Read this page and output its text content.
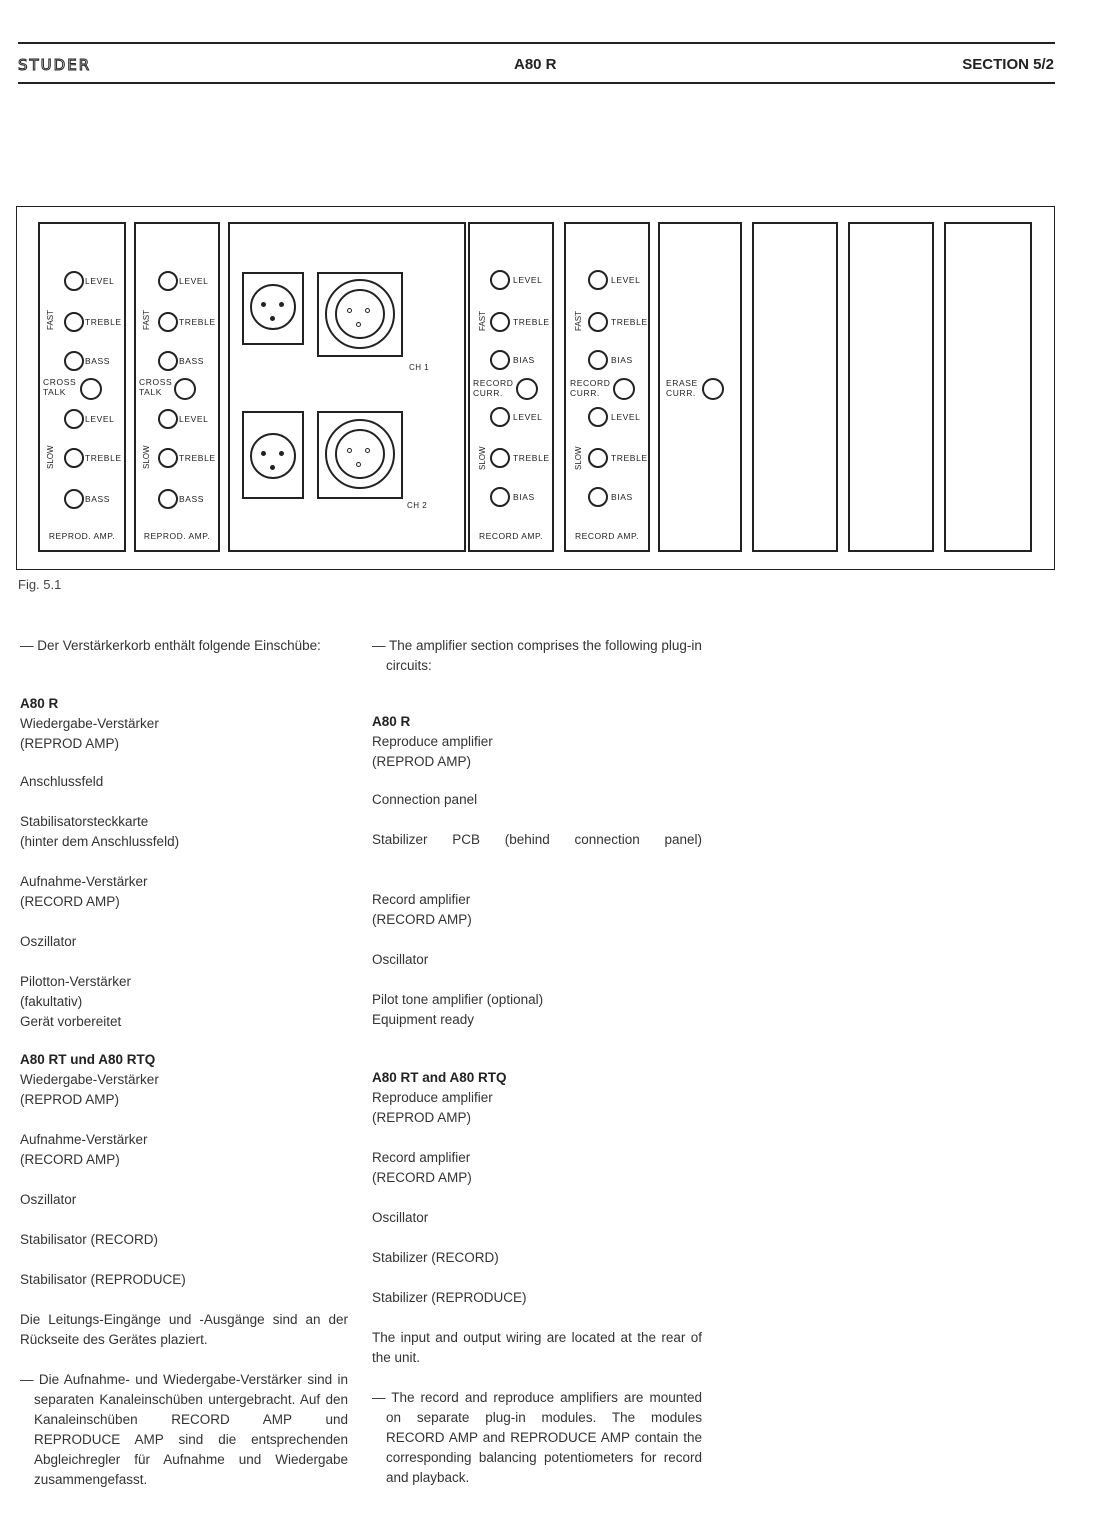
STUDER	A80 R	SECTION 5/2
LEVEL
FAST	TREBLE
BASS
CROSS TALK
LEVEL
SLOW	TREBLE
BASS
REPROD. AMP.
LEVEL
FAST	TREBLE
BASS
CROSS TALK
LEVEL
SLOW	TREBLE
BASS
REPROD. AMP.
CH 1
CH 2
LEVEL
FAST	TREBLE
BIAS
RECORD CURR.
LEVEL
SLOW	TREBLE
BIAS
RECORD AMP.
LEVEL
FAST	TREBLE
BIAS
RECORD CURR.
LEVEL
SLOW	TREBLE
BIAS
RECORD AMP.
ERASE CURR.
Fig. 5.1
— Der Verstärkerkorb enthält folgende Einschübe:
A80 R
Wiedergabe-Verstärker
(REPROD AMP)
Anschlussfeld
Stabilisatorsteckkarte
(hinter dem Anschlussfeld)
Aufnahme-Verstärker
(RECORD AMP)
Oszillator
Pilotton-Verstärker
(fakultativ)
Gerät vorbereitet
A80 RT und A80 RTQ
Wiedergabe-Verstärker
(REPROD AMP)
Aufnahme-Verstärker
(RECORD AMP)
Oszillator
Stabilisator (RECORD)
Stabilisator (REPRODUCE)
Die Leitungs-Eingänge und -Ausgänge sind an der Rückseite des Gerätes plaziert.
— Die Aufnahme- und Wiedergabe-Verstärker sind in separaten Kanaleinschüben untergebracht. Auf den Kanaleinschüben RECORD AMP und REPRODUCE AMP sind die entsprechenden Abgleichregler für Aufnahme und Wiedergabe zusammengefasst.
— The amplifier section comprises the following plug-in circuits:
A80 R
Reproduce amplifier
(REPROD AMP)
Connection panel
Stabilizer PCB (behind connection panel)
Record amplifier
(RECORD AMP)
Oscillator
Pilot tone amplifier (optional)
Equipment ready
A80 RT and A80 RTQ
Reproduce amplifier
(REPROD AMP)
Record amplifier
(RECORD AMP)
Oscillator
Stabilizer (RECORD)
Stabilizer (REPRODUCE)
The input and output wiring are located at the rear of the unit.
— The record and reproduce amplifiers are mounted on separate plug-in modules. The modules RECORD AMP and REPRODUCE AMP contain the corresponding balancing potentiometers for record and playback.
